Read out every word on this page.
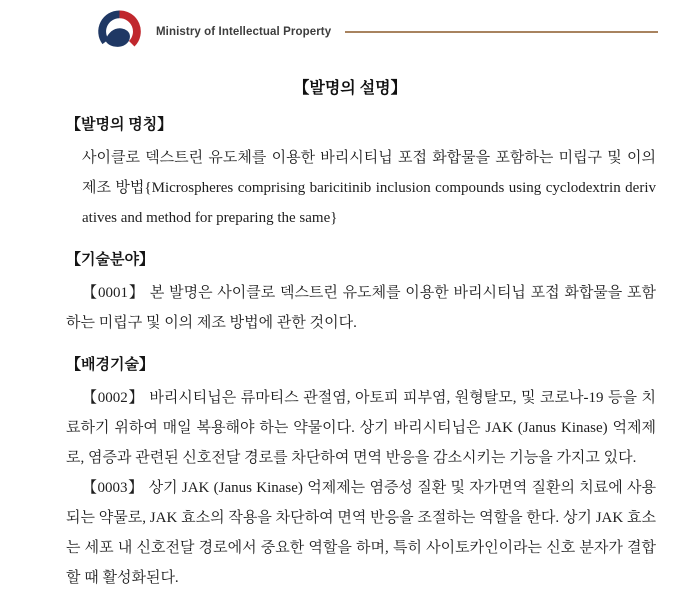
Ministry of Intellectual Property
【발명의 설명】
【발명의 명칭】

사이클로 덱스트린 유도체를 이용한 바리시티닙 포접 화합물을 포함하는 미립구 및 이의 제조 방법{Microspheres comprising baricitinib inclusion compounds using cyclodextrin derivatives and method for preparing the same}

【기술분야】

【0001】 본 발명은 사이클로 덱스트린 유도체를 이용한 바리시티닙 포접 화합물을 포함하는 미립구 및 이의 제조 방법에 관한 것이다.

【배경기술】

【0002】 바리시티닙은 류마티스 관절염, 아토피 피부염, 원형탈모, 및 코로나-19 등을 치료하기 위하여 매일 복용해야 하는 약물이다. 상기 바리시티닙은 JAK (Janus Kinase) 억제제로, 염증과 관련된 신호전달 경로를 차단하여 면역 반응을 감소시키는 기능을 가지고 있다.

【0003】 상기 JAK (Janus Kinase) 억제제는 염증성 질환 및 자가면역 질환의 치료에 사용되는 약물로, JAK 효소의 작용을 차단하여 면역 반응을 조절하는 역할을 한다. 상기 JAK 효소는 세포 내 신호전달 경로에서 중요한 역할을 하며, 특히 사이토카인이라는 신호 분자가 결합할 때 활성화된다.
